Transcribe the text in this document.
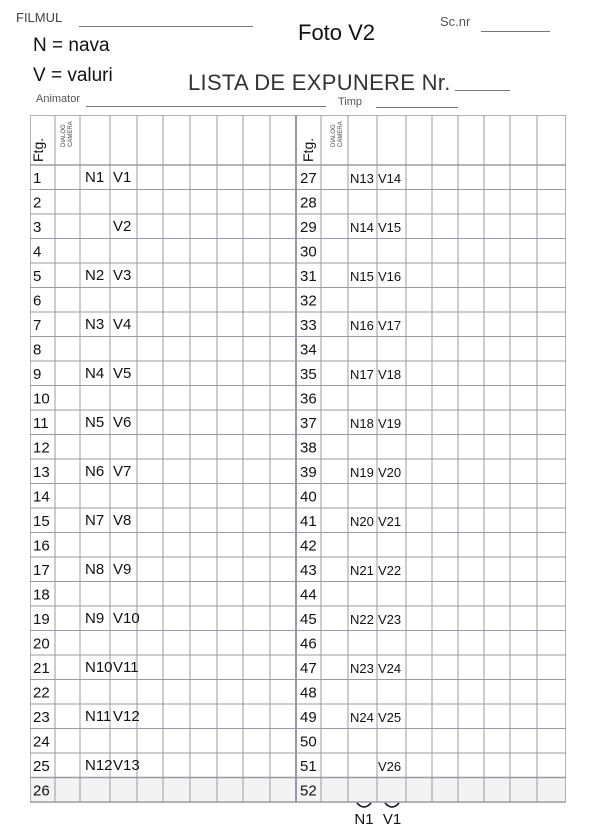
FILMUL
Foto V2	Sc.nr
N = nava
V = valuri	LISTA DE EXPUNERE Nr.
Animator	Timp
Ftg.
DIALOG CAMERA
Ftg.
DIALOG CAMERA
1	N1 V1
2
3	V2
4
5	N2 V3
6
7	N3 V4
8
9	N4 V5
10
11 N5 V6
12
13 N6 V7
14
15 N7 V8
16
17 N8 V9
18
19 N9 V10
20
21 N10 V11
22
23 N11 V12
24
25 N12 V13
26
27	N13 V14
28
29	N14 V15
30
31	N15 V16
32
33	N16 V17
34
35	N17 V18
36
37	N18 V19
38
39	N19 V20
40
41	N20 V21
42
43	N21 V22
44
45	N22 V23
46
47	N23 V24
48
49	N24 V25
50
51	V26
52
N1 V1
